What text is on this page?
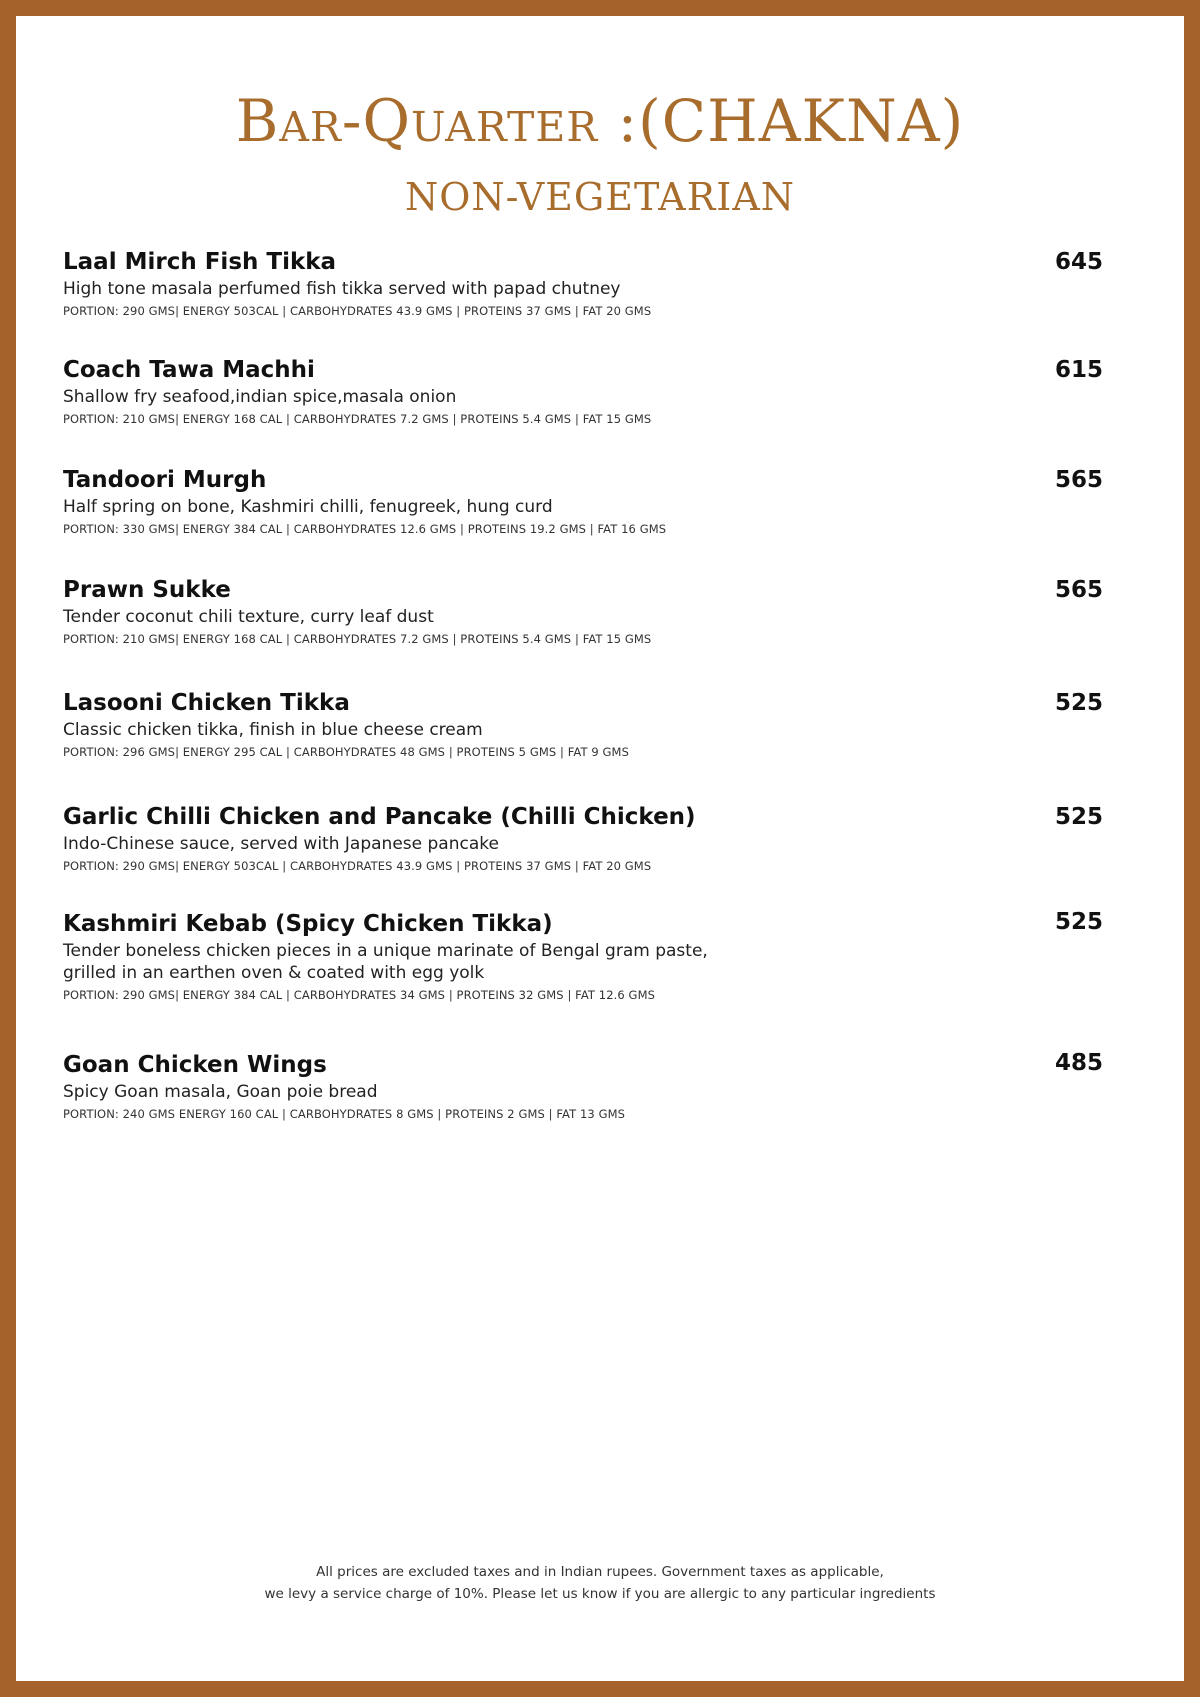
Bar-Quarter :(CHAKNA)
NON-VEGETARIAN
Laal Mirch Fish Tikka	645
High tone masala perfumed fish tikka served with papad chutney
PORTION: 290 GMS| ENERGY 503CAL | CARBOHYDRATES 43.9 GMS | PROTEINS 37 GMS | FAT 20 GMS
Coach Tawa Machhi	615
Shallow fry seafood,indian spice,masala onion
PORTION: 210 GMS| ENERGY 168 CAL | CARBOHYDRATES 7.2 GMS | PROTEINS 5.4 GMS | FAT 15 GMS
Tandoori Murgh	565
Half spring on bone, Kashmiri chilli, fenugreek, hung curd
PORTION: 330 GMS| ENERGY 384 CAL | CARBOHYDRATES 12.6 GMS | PROTEINS 19.2 GMS | FAT 16 GMS
Prawn Sukke	565
Tender coconut chili texture, curry leaf dust
PORTION: 210 GMS| ENERGY 168 CAL | CARBOHYDRATES 7.2 GMS | PROTEINS 5.4 GMS | FAT 15 GMS
Lasooni Chicken Tikka	525
Classic chicken tikka, finish in blue cheese cream
PORTION: 296 GMS| ENERGY 295 CAL | CARBOHYDRATES 48 GMS | PROTEINS 5 GMS | FAT 9 GMS
Garlic Chilli Chicken and Pancake (Chilli Chicken)	525
Indo-Chinese sauce, served with Japanese pancake
PORTION: 290 GMS| ENERGY 503CAL | CARBOHYDRATES 43.9 GMS | PROTEINS 37 GMS | FAT 20 GMS
Kashmiri Kebab (Spicy Chicken Tikka)	525
Tender boneless chicken pieces in a unique marinate of Bengal gram paste,
grilled in an earthen oven & coated with egg yolk
PORTION: 290 GMS| ENERGY 384 CAL | CARBOHYDRATES 34 GMS | PROTEINS 32 GMS | FAT 12.6 GMS
Goan Chicken Wings	485
Spicy Goan masala, Goan poie bread
PORTION: 240 GMS ENERGY 160 CAL | CARBOHYDRATES 8 GMS | PROTEINS 2 GMS | FAT 13 GMS
All prices are excluded taxes and in Indian rupees. Government taxes as applicable,
we levy a service charge of 10%. Please let us know if you are allergic to any particular ingredients
